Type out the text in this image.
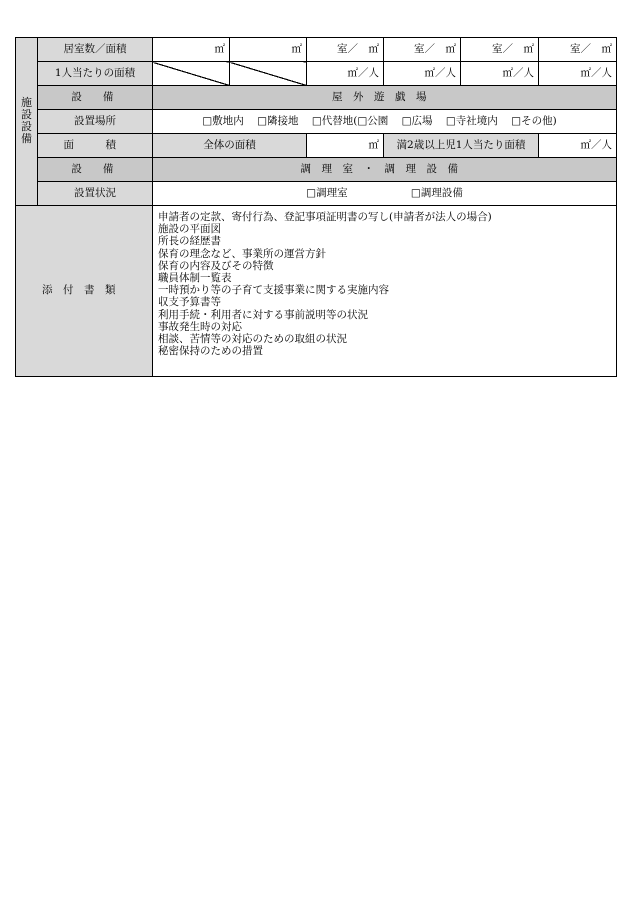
施設設備	居室数／面積	㎡	㎡	室／　 ㎡	室／　 ㎡	室／　 ㎡	室／　 ㎡
	1人当たりの面積			㎡／人	㎡／人	㎡／人	㎡／人
	設　備	屋外遊戯場					
	設置場所	□敷地内 □隣接地 □代替地(□公園 □広場 □寺社境内 □その他)					
	面　積	全体の面積		㎡	満2歳以上児1人当たり面積		㎡／人
	設　備	調理室・調理設備					
	設置状況	□調理室 □調理設備					
添付書類	
申請者の定款、寄付行為、登記事項証明書の写し(申請者が法人の場合)
施設の平面図
所長の経歴書
保育の理念など、事業所の運営方針
保育の内容及びその特徴
職員体制一覧表
一時預かり等の子育て支援事業に関する実施内容
収支予算書等
利用手続・利用者に対する事前説明等の状況
事故発生時の対応
相談、苦情等の対応のための取組の状況
秘密保持のための措置
